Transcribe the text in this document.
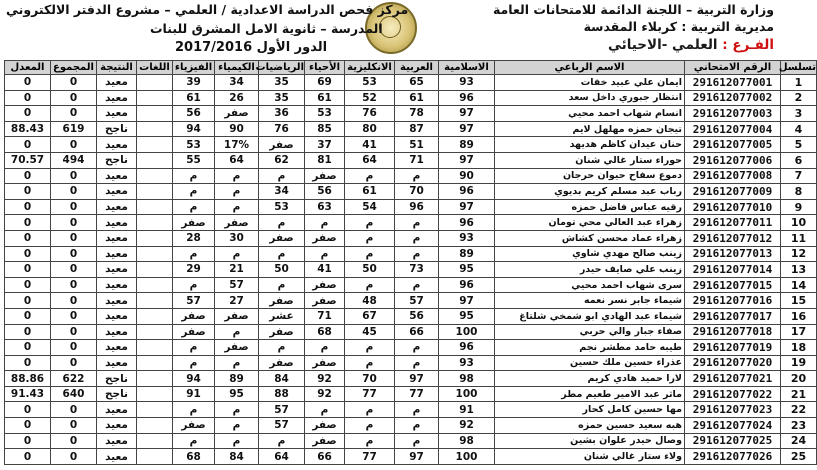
وزارة التربية – اللجنة الدائمة للامتحانات العامة
مديرية التربية : كربلاء المقدسة
الفـرع : العلمي -الاحيائي
مركز فحص الدراسة الاعدادية / العلمي – مشروع الدفتر الالكتروني
المدرسة – ثانوية الامل المشرق للبنات
الدور الأول 2017/2016
تسلسل	الرقم الامتحاني	الاسم الرباعي	الاسلامية	العربية	الانكليزية	الأحياء	الرياضيات	الكيمياء	الفيزياء	اللغات	النتيجة	المجموع	المعدل
1	291612077001	ايمان علي عبيد خفات	93	65	53	69	35	34	39		معيد	0	0
2	291612077002	انتظار جبوري داخل سعد	96	61	52	61	35	26	61		معيد	0	0
3	291612077003	انسام شهاب احمد محيي	97	78	76	53	36	صفر	56		معيد	0	0
4	291612077004	تيجان حمزه مهلهل لايم	97	87	80	85	76	90	94		ناجح	619	88.43
5	291612077005	حنان عيدان كاظم هديهد	89	51	41	37	صفر	17%	53		معيد	0	0
6	291612077006	حوراء ستار غالي شنان	97	71	64	81	62	64	55		ناجح	494	70.57
7	291612077008	دموع سفاح حيوان حرجان	90	م	م	صفر	م	م	م		معيد	0	0
8	291612077009	رباب عبد مسلم كريم بديوي	96	70	61	56	34	م	م		معيد	0	0
9	291612077010	رقيه عباس فاضل حمزه	97	96	54	63	53	م	م		معيد	0	0
10	291612077011	زهراء عبد العالي محي تومان	96	م	م	م	م	صفر	صفر		معيد	0	0
11	291612077012	زهراء عماد محسن كشاش	93	م	م	صفر	صفر	30	28		معيد	0	0
12	291612077013	زينب صالح مهدي شاوي	89	م	م	م	م	م	م		معيد	0	0
13	291612077014	زينب علي صايف حيدر	95	73	50	41	50	21	29		معيد	0	0
14	291612077015	سرى شهاب احمد محيي	96	م	م	صفر	م	57	م		معيد	0	0
15	291612077016	شيماء جابر نسر نعمه	97	57	48	صفر	صفر	27	57		معيد	0	0
16	291612077017	شيماء عبد الهادي ابو شمخي شلتاغ	95	56	67	71	عشر	صفر	صفر		معيد	0	0
17	291612077018	صفاء جبار والي حربي	100	66	45	68	صفر	م	صفر		معيد	0	0
18	291612077019	طيبه حامد مطشر نجم	96	م	م	م	م	صفر	م		معيد	0	0
19	291612077020	عذراء حسين ملك حسين	93	م	م	صفر	صفر	م	م		معيد	0	0
20	291612077021	لارا حميد هادي كريم	98	97	70	92	84	89	94		ناجح	622	88.86
21	291612077022	ماثر عبد الامير طعيم مطر	100	77	77	92	88	95	91		ناجح	640	91.43
22	291612077023	مها حسين كامل كحار	91	م	م	م	57	م	م		معيد	0	0
23	291612077024	هبه سعيد حسين حمزه	92	م	م	صفر	57	م	صفر		معيد	0	0
24	291612077025	وصال حيدر علوان بشين	98	م	م	صفر	م	م	م		معيد	0	0
25	291612077026	ولاء ستار غالي شنان	100	97	77	66	64	84	68		معيد	0	0
